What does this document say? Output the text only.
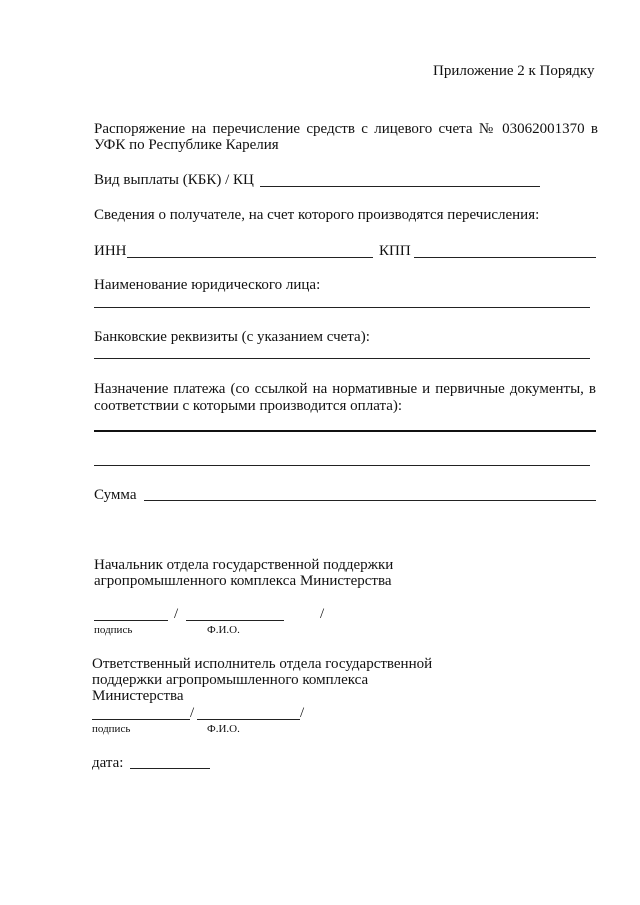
Приложение 2 к Порядку
Распоряжение на перечисление средств с лицевого счета № 03062001370 в
УФК по Республике Карелия
Вид выплаты (КБК) / КЦ
Сведения о получателе, на счет которого производятся перечисления:
ИНН	КПП
Наименование юридического лица:
Банковские реквизиты (с указанием счета):
Назначение платежа (со ссылкой на нормативные и первичные документы, в
соответствии с которыми производится оплата):
Сумма
Начальник отдела государственной поддержки
агропромышленного комплекса Министерства
/	/
подпись	Ф.И.О.
Ответственный исполнитель отдела государственной
поддержки агропромышленного комплекса
Министерства
/	/
подпись	Ф.И.О.
дата:
